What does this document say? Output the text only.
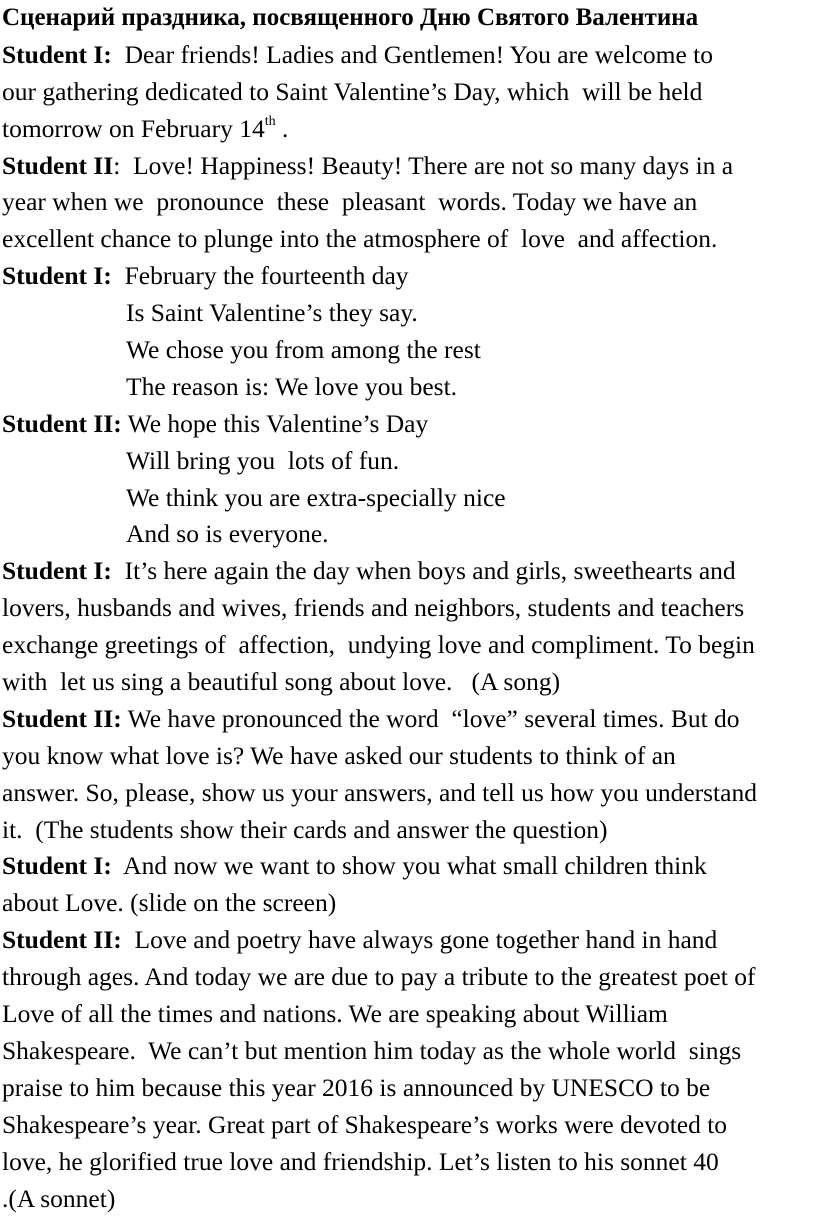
Сценарий праздника, посвященного Дню Святого Валентина
Student I:  Dear friends! Ladies and Gentlemen! You are welcome to
our gathering dedicated to Saint Valentine’s Day, which  will be held
tomorrow on February 14th .
Student II:  Love! Happiness! Beauty! There are not so many days in a
year when we  pronounce  these  pleasant  words. Today we have an
excellent chance to plunge into the atmosphere of  love  and affection.
Student I:  February the fourteenth day
Is Saint Valentine’s they say.
We chose you from among the rest
The reason is: We love you best.
Student II: We hope this Valentine’s Day
Will bring you  lots of fun.
We think you are extra-specially nice
And so is everyone.
Student I:  It’s here again the day when boys and girls, sweethearts and
lovers, husbands and wives, friends and neighbors, students and teachers
exchange greetings of  affection,  undying love and compliment. To begin
with  let us sing a beautiful song about love.   (A song)
Student II: We have pronounced the word  “love” several times. But do
you know what love is? We have asked our students to think of an
answer. So, please, show us your answers, and tell us how you understand
it.  (The students show their cards and answer the question)
Student I:  And now we want to show you what small children think
about Love. (slide on the screen)
Student II:  Love and poetry have always gone together hand in hand
through ages. And today we are due to pay a tribute to the greatest poet of
Love of all the times and nations. We are speaking about William
Shakespeare.  We can’t but mention him today as the whole world  sings
praise to him because this year 2016 is announced by UNESCO to be
Shakespeare’s year. Great part of Shakespeare’s works were devoted to
love, he glorified true love and friendship. Let’s listen to his sonnet 40
.(A sonnet)
